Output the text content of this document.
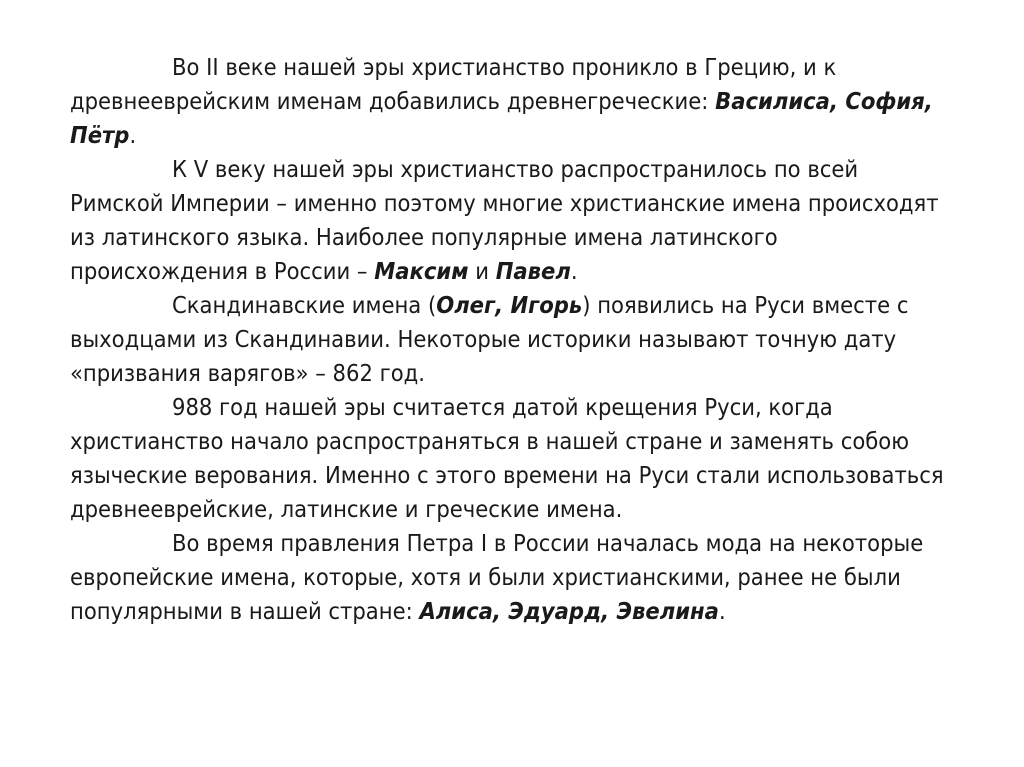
Во II веке нашей эры христианство проникло в Грецию, и к древнееврейским именам добавились древнегреческие: Василиса, София, Пётр.

К V веку нашей эры христианство распространилось по всей Римской Империи – именно поэтому многие христианские имена происходят из латинского языка. Наиболее популярные имена латинского происхождения в России – Максим и Павел.

Скандинавские имена (Олег, Игорь) появились на Руси вместе с выходцами из Скандинавии. Некоторые историки называют точную дату «призвания варягов» – 862 год.

988 год нашей эры считается датой крещения Руси, когда христианство начало распространяться в нашей стране и заменять собою языческие верования. Именно с этого времени на Руси стали использоваться древнееврейские, латинские и греческие имена.

Во время правления Петра I в России началась мода на некоторые европейские имена, которые, хотя и были христианскими, ранее не были популярными в нашей стране: Алиса, Эдуард, Эвелина.
